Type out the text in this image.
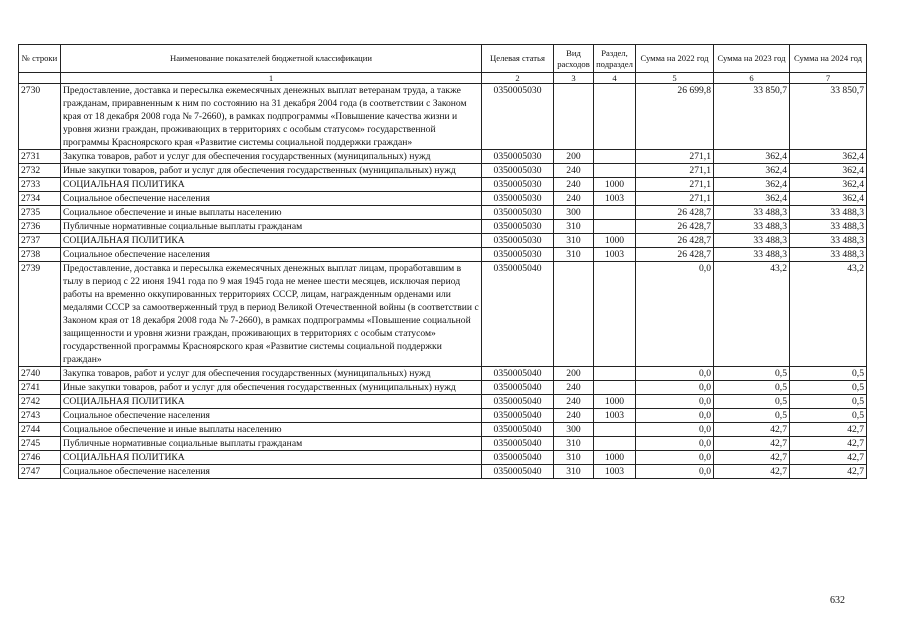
№ строки	Наименование показателей бюджетной классификации	Целевая статья	Вид расходов	Раздел, подраздел	Сумма на 2022 год	Сумма на 2023 год	Сумма на 2024 год
	1	2	3	4	5	6	7
2730	Предоставление, доставка и пересылка ежемесячных денежных выплат ветеранам труда, а также гражданам, приравненным к ним по состоянию на 31 декабря 2004 года (в соответствии с Законом края от 18 декабря 2008 года № 7-2660), в рамках подпрограммы «Повышение качества жизни и уровня жизни граждан, проживающих в территориях с особым статусом» государственной программы Красноярского края «Развитие системы социальной поддержки граждан»	0350005030			26 699,8	33 850,7	33 850,7
2731	Закупка товаров, работ и услуг для обеспечения государственных (муниципальных) нужд	0350005030	200		271,1	362,4	362,4
2732	Иные закупки товаров, работ и услуг для обеспечения государственных (муниципальных) нужд	0350005030	240		271,1	362,4	362,4
2733	СОЦИАЛЬНАЯ ПОЛИТИКА	0350005030	240	1000	271,1	362,4	362,4
2734	Социальное обеспечение населения	0350005030	240	1003	271,1	362,4	362,4
2735	Социальное обеспечение и иные выплаты населению	0350005030	300		26 428,7	33 488,3	33 488,3
2736	Публичные нормативные социальные выплаты гражданам	0350005030	310		26 428,7	33 488,3	33 488,3
2737	СОЦИАЛЬНАЯ ПОЛИТИКА	0350005030	310	1000	26 428,7	33 488,3	33 488,3
2738	Социальное обеспечение населения	0350005030	310	1003	26 428,7	33 488,3	33 488,3
2739	Предоставление, доставка и пересылка ежемесячных денежных выплат лицам, проработавшим в тылу в период с 22 июня 1941 года по 9 мая 1945 года не менее шести месяцев, исключая период работы на временно оккупированных территориях СССР, лицам, награжденным орденами или медалями СССР за самоотверженный труд в период Великой Отечественной войны (в соответствии с Законом края от 18 декабря 2008 года № 7-2660), в рамках подпрограммы «Повышение социальной защищенности и уровня жизни граждан, проживающих в территориях с особым статусом» государственной программы Красноярского края «Развитие системы социальной поддержки граждан»	0350005040			0,0	43,2	43,2
2740	Закупка товаров, работ и услуг для обеспечения государственных (муниципальных) нужд	0350005040	200		0,0	0,5	0,5
2741	Иные закупки товаров, работ и услуг для обеспечения государственных (муниципальных) нужд	0350005040	240		0,0	0,5	0,5
2742	СОЦИАЛЬНАЯ ПОЛИТИКА	0350005040	240	1000	0,0	0,5	0,5
2743	Социальное обеспечение населения	0350005040	240	1003	0,0	0,5	0,5
2744	Социальное обеспечение и иные выплаты населению	0350005040	300		0,0	42,7	42,7
2745	Публичные нормативные социальные выплаты гражданам	0350005040	310		0,0	42,7	42,7
2746	СОЦИАЛЬНАЯ ПОЛИТИКА	0350005040	310	1000	0,0	42,7	42,7
2747	Социальное обеспечение населения	0350005040	310	1003	0,0	42,7	42,7
632
